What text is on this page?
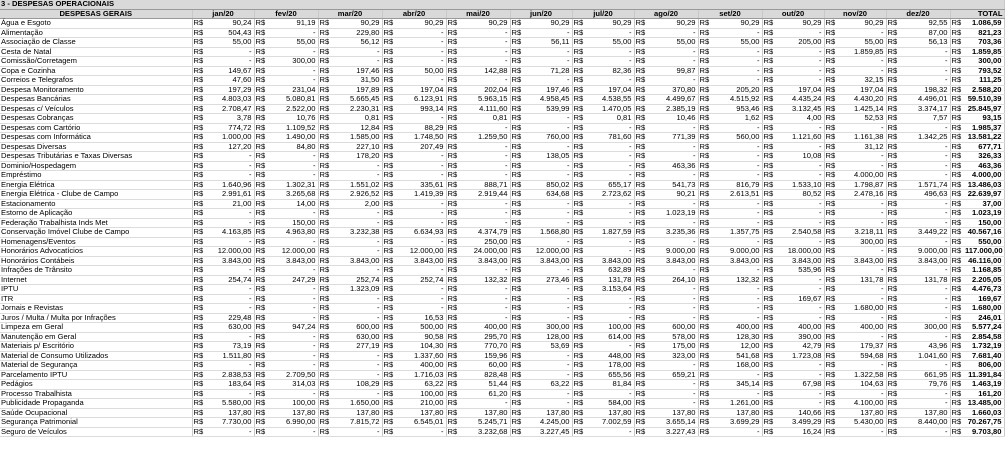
3 - DESPESAS OPERACIONAIS																										
DESPESAS GERAIS	jan/20		fev/20		mar/20		abr/20		mai/20		jun/20		jul/20		ago/20		set/20		out/20		nov/20		dez/20		TOTAL	
Água e Esgoto	R$	90,24	R$	91,19	R$	90,29	R$	90,29	R$	90,29	R$	90,29	R$	90,29	R$	90,29	R$	90,29	R$	90,29	R$	90,29	R$	92,55	R$	1.086,59
Alimentação	R$	504,43	R$	-	R$	229,80	R$	-	R$	-	R$	-	R$	-	R$	-	R$	-	R$	-	R$	-	R$	87,00	R$	821,23
Associação de Classe	R$	55,00	R$	55,00	R$	56,12	R$	-	R$	-	R$	56,11	R$	55,00	R$	55,00	R$	55,00	R$	205,00	R$	55,00	R$	56,13	R$	703,36
Cesta de Natal	R$	-	R$	-	R$	-	R$	-	R$	-	R$	-	R$	-	R$	-	R$	-	R$	-	R$	1.859,85	R$	-	R$	1.859,85
Comissão/Corretagem	R$	-	R$	300,00	R$	-	R$	-	R$	-	R$	-	R$	-	R$	-	R$	-	R$	-	R$	-	R$	-	R$	300,00
Copa e Cozinha	R$	149,67	R$	-	R$	197,46	R$	50,00	R$	142,88	R$	71,28	R$	82,36	R$	99,87	R$	-	R$	-	R$	-	R$	-	R$	793,52
Correios e Telegrafos	R$	47,60	R$	-	R$	31,50	R$	-	R$	-	R$	-	R$	-	R$	-	R$	-	R$	-	R$	32,15	R$	-	R$	111,25
Despesa Monitoramento	R$	197,29	R$	231,04	R$	197,89	R$	197,04	R$	202,04	R$	197,46	R$	197,04	R$	370,80	R$	205,20	R$	197,04	R$	197,04	R$	198,32	R$	2.588,20
Despesas Bancárias	R$	4.803,03	R$	5.080,81	R$	5.665,45	R$	6.123,91	R$	5.963,15	R$	4.958,45	R$	4.538,55	R$	4.499,67	R$	4.515,92	R$	4.435,24	R$	4.430,20	R$	4.496,01	R$	59.510,39
Despesas c/ Veículos	R$	2.708,47	R$	2.522,00	R$	2.230,31	R$	993,14	R$	4.111,60	R$	539,99	R$	1.470,05	R$	2.385,19	R$	953,46	R$	3.132,45	R$	1.425,14	R$	3.374,17	R$	25.845,97
Despesas Cobranças	R$	3,78	R$	10,76	R$	0,81	R$	-	R$	0,81	R$	-	R$	0,81	R$	10,46	R$	1,62	R$	4,00	R$	52,53	R$	7,57	R$	93,15
Despesas com Cartório	R$	774,72	R$	1.109,52	R$	12,84	R$	88,29	R$	-	R$	-	R$	-	R$	-	R$	-	R$	-	R$	-	R$	-	R$	1.985,37
Despesas com Informática	R$	1.000,00	R$	1.490,00	R$	1.585,00	R$	1.748,50	R$	1.259,50	R$	760,00	R$	781,60	R$	771,39	R$	560,00	R$	1.121,60	R$	1.161,38	R$	1.342,25	R$	13.581,22
Despesas Diversas	R$	127,20	R$	84,80	R$	227,10	R$	207,49	R$	-	R$	-	R$	-	R$	-	R$	-	R$	-	R$	31,12	R$	-	R$	677,71
Despesas Tributárias e Taxas Diversas	R$	-	R$	-	R$	178,20	R$	-	R$	-	R$	138,05	R$	-	R$	-	R$	-	R$	10,08	R$	-	R$	-	R$	326,33
Dominio/Hospedagem	R$	-	R$	-	R$	-	R$	-	R$	-	R$	-	R$	-	R$	463,36	R$	-	R$	-	R$	-	R$	-	R$	463,36
Empréstimo	R$	-	R$	-	R$	-	R$	-	R$	-	R$	-	R$	-	R$	-	R$	-	R$	-	R$	4.000,00	R$	-	R$	4.000,00
Energia Elétrica	R$	1.640,96	R$	1.302,31	R$	1.551,02	R$	335,61	R$	888,71	R$	850,02	R$	655,17	R$	541,73	R$	816,79	R$	1.533,10	R$	1.798,87	R$	1.571,74	R$	13.486,03
Energia Elétrica - Clube de Campo	R$	2.991,61	R$	3.265,68	R$	2.926,52	R$	1.419,39	R$	2.919,44	R$	634,68	R$	2.723,62	R$	90,21	R$	2.613,51	R$	80,52	R$	2.478,16	R$	496,63	R$	22.639,97
Estacionamento	R$	21,00	R$	14,00	R$	2,00	R$	-	R$	-	R$	-	R$	-	R$	-	R$	-	R$	-	R$	-	R$	-	R$	37,00
Estorno de Aplicação	R$	-	R$	-	R$	-	R$	-	R$	-	R$	-	R$	-	R$	1.023,19	R$	-	R$	-	R$	-	R$	-	R$	1.023,19
Federação Trabalhista Inds Met	R$	-	R$	150,00	R$	-	R$	-	R$	-	R$	-	R$	-	R$	-	R$	-	R$	-	R$	-	R$	-	R$	150,00
Conservação Imóvel Clube de Campo	R$	4.163,85	R$	4.963,80	R$	3.232,38	R$	6.634,93	R$	4.374,79	R$	1.568,80	R$	1.827,59	R$	3.235,36	R$	1.357,75	R$	2.540,58	R$	3.218,11	R$	3.449,22	R$	40.567,16
Homenagens/Eventos	R$	-	R$	-	R$	-	R$	-	R$	250,00	R$	-	R$	-	R$	-	R$	-	R$	-	R$	300,00	R$	-	R$	550,00
Honorários Advocatícios	R$	12.000,00	R$	12.000,00	R$	-	R$	12.000,00	R$	24.000,00	R$	12.000,00	R$	-	R$	9.000,00	R$	9.000,00	R$	18.000,00	R$	-	R$	9.000,00	R$	117.000,00
Honorários Contábeis	R$	3.843,00	R$	3.843,00	R$	3.843,00	R$	3.843,00	R$	3.843,00	R$	3.843,00	R$	3.843,00	R$	3.843,00	R$	3.843,00	R$	3.843,00	R$	3.843,00	R$	3.843,00	R$	46.116,00
Infrações de Trânsito	R$	-	R$	-	R$	-	R$	-	R$	-	R$	-	R$	632,89	R$	-	R$	-	R$	535,96	R$	-	R$	-	R$	1.168,85
Internet	R$	254,74	R$	247,29	R$	252,74	R$	252,74	R$	132,32	R$	273,46	R$	131,78	R$	264,10	R$	132,32	R$	-	R$	131,78	R$	131,78	R$	2.205,05
IPTU	R$	-	R$	-	R$	1.323,09	R$	-	R$	-	R$	-	R$	3.153,64	R$	-	R$	-	R$	-	R$	-	R$	-	R$	4.476,73
ITR	R$	-	R$	-	R$	-	R$	-	R$	-	R$	-	R$	-	R$	-	R$	-	R$	169,67	R$	-	R$	-	R$	169,67
Jornais e Revistas	R$	-	R$	-	R$	-	R$	-	R$	-	R$	-	R$	-	R$	-	R$	-	R$	-	R$	1.680,00	R$	-	R$	1.680,00
Juros / Multa / Multa por Infrações	R$	229,48	R$	-	R$	-	R$	16,53	R$	-	R$	-	R$	-	R$	-	R$	-	R$	-	R$	-	R$	-	R$	246,01
Limpeza em Geral	R$	630,00	R$	947,24	R$	600,00	R$	500,00	R$	400,00	R$	300,00	R$	100,00	R$	600,00	R$	400,00	R$	400,00	R$	400,00	R$	300,00	R$	5.577,24
Manutenção em Geral	R$	-	R$	-	R$	630,00	R$	90,58	R$	295,70	R$	128,00	R$	614,00	R$	578,00	R$	128,30	R$	390,00	R$	-	R$	-	R$	2.854,58
Materiais p/ Escritório	R$	73,19	R$	-	R$	277,19	R$	104,30	R$	770,70	R$	53,69	R$	-	R$	175,00	R$	12,00	R$	42,79	R$	179,37	R$	43,96	R$	1.732,19
Material de Consumo Utilizados	R$	1.511,80	R$	-	R$	-	R$	1.337,60	R$	159,96	R$	-	R$	448,00	R$	323,00	R$	541,68	R$	1.723,08	R$	594,68	R$	1.041,60	R$	7.681,40
Material de Segurança	R$	-	R$	-	R$	-	R$	400,00	R$	60,00	R$	-	R$	178,00	R$	-	R$	168,00	R$	-	R$	-	R$	-	R$	806,00
Parcelamento IPTU	R$	2.838,53	R$	2.709,50	R$	-	R$	1.716,03	R$	828,48	R$	-	R$	655,56	R$	659,21	R$	-	R$	-	R$	1.322,58	R$	661,95	R$	11.391,84
Pedágios	R$	183,64	R$	314,03	R$	108,29	R$	63,22	R$	51,44	R$	63,22	R$	81,84	R$	-	R$	345,14	R$	67,98	R$	104,63	R$	79,76	R$	1.463,19
Processo Trabalhista	R$	-	R$	-	R$	-	R$	100,00	R$	61,20	R$	-	R$	-	R$	-	R$	-	R$	-	R$	-	R$	-	R$	161,20
Publicidade Propaganda	R$	5.580,00	R$	100,00	R$	1.650,00	R$	210,00	R$	-	R$	-	R$	584,00	R$	-	R$	1.261,00	R$	-	R$	4.100,00	R$	-	R$	13.485,00
Saúde Ocupacional	R$	137,80	R$	137,80	R$	137,80	R$	137,80	R$	137,80	R$	137,80	R$	137,80	R$	137,80	R$	137,80	R$	140,66	R$	137,80	R$	137,80	R$	1.660,03
Segurança Patrimonial	R$	7.730,00	R$	6.990,00	R$	7.815,72	R$	6.545,01	R$	5.245,71	R$	4.245,00	R$	7.002,59	R$	3.655,14	R$	3.699,29	R$	3.499,29	R$	5.430,00	R$	8.440,00	R$	70.267,75
Seguro de Veículos	R$	-	R$	-	R$	-	R$	-	R$	3.232,68	R$	3.227,45	R$	-	R$	3.227,43	R$	-	R$	16,24	R$	-	R$	-	R$	9.703,80
